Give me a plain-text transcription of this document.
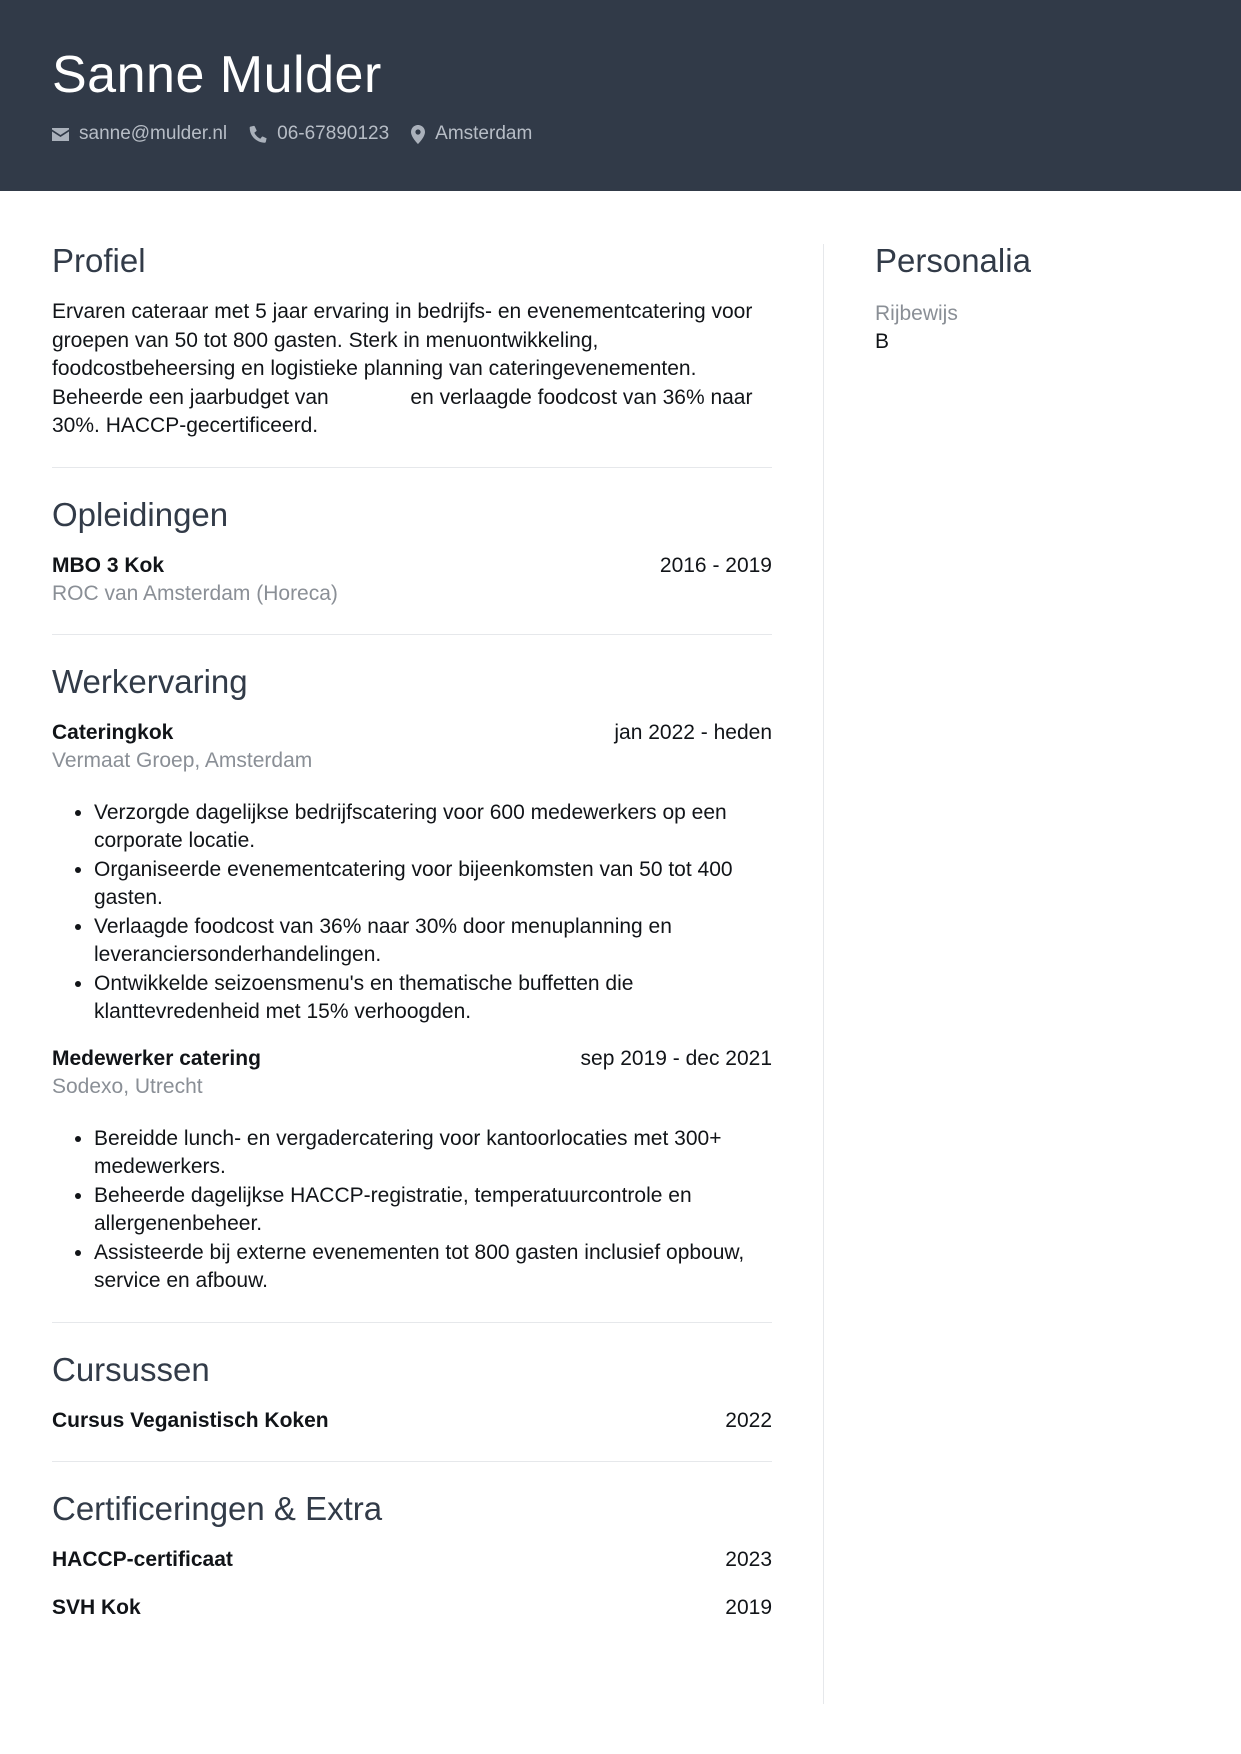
Sanne Mulder
sanne@mulder.nl	06-67890123 Amsterdam
Profiel

Ervaren cateraar met 5 jaar ervaring in bedrijfs- en evenementcatering voor groepen van 50 tot 800 gasten. Sterk in menuontwikkeling, foodcostbeheersing en logistieke planning van cateringevenementen. Beheerde een jaarbudget van              en verlaagde foodcost van 36% naar 30%. HACCP-gecertificeerd.

Opleidingen
MBO 3 Kok	2016 - 2019
ROC van Amsterdam (Horeca)
Werkervaring
Cateringkok	jan 2022 - heden
Vermaat Groep, Amsterdam
• Verzorgde dagelijkse bedrijfscatering voor 600 medewerkers op een corporate locatie.
• Organiseerde evenementcatering voor bijeenkomsten van 50 tot 400 gasten.
• Verlaagde foodcost van 36% naar 30% door menuplanning en leveranciersonderhandelingen.
• Ontwikkelde seizoensmenu's en thematische buffetten die klanttevredenheid met 15% verhoogden.
Medewerker catering	sep 2019 - dec 2021
Sodexo, Utrecht
• Bereidde lunch- en vergadercatering voor kantoorlocaties met 300+ medewerkers.
• Beheerde dagelijkse HACCP-registratie, temperatuurcontrole en allergenenbeheer.
• Assisteerde bij externe evenementen tot 800 gasten inclusief opbouw, service en afbouw.
Cursussen
Cursus Veganistisch Koken	2022
Certificeringen & Extra
HACCP-certificaat	2023
SVH Kok	2019
Personalia
Rijbewijs
B
